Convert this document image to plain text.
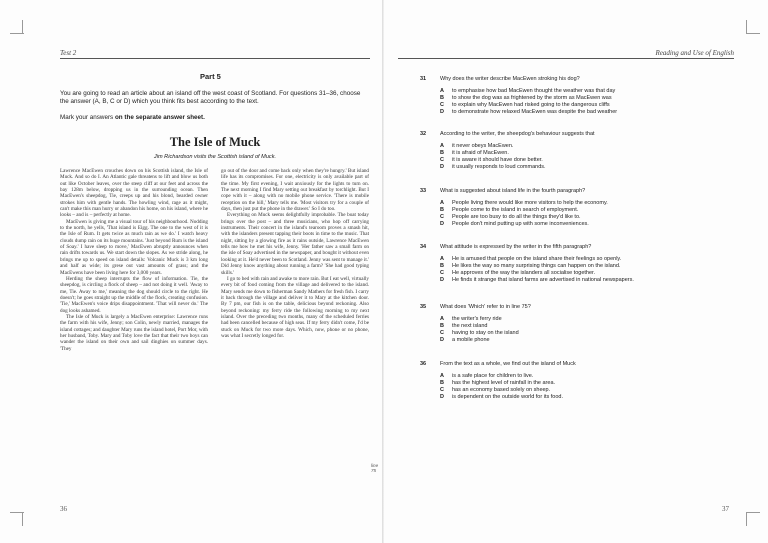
Test 2
Part 5
You are going to read an article about an island off the west coast of Scotland. For questions 31–36, choose the answer (A, B, C or D) which you think fits best according to the text.
Mark your answers on the separate answer sheet.
The Isle of Muck
Jim Richardson visits the Scottish island of Muck.

Lawrence MacEwen crouches down on his Scottish island, the Isle of Muck. And so do I. An Atlantic gale threatens to lift and blow us both out like October leaves, over the steep cliff at our feet and across the bay 128m below, dropping us in the surrounding ocean. Then MacEwen's sheepdog, Tie, creeps up and his blond, bearded owner strokes him with gentle hands. The howling wind, rage as it might, can't make this man hurry or abandon his home, on his island, where he looks – and is – perfectly at home.

MacEwen is giving me a visual tour of his neighbourhood. Nodding to the north, he yells, 'That island is Eigg. The one to the west of it is the Isle of Rum. It gets twice as much rain as we do.' I watch heavy clouds dump rain on its huge mountains. 'Just beyond Rum is the island of Soay.' I have sleep to move,' MacEwen abruptly announces when rain drifts towards us. We start down the slopes. As we stride along, he brings me up to speed on island details: Volcanic Muck is 3 km long and half as wide; its grese out vast amounts of grass; and the MacEwens have been living here for 3,000 years.

Herding the sheep interrupts the flow of information. Tie, the sheepdog, is circling a flock of sheep – and not doing it well. 'Away to me, Tie. Away to me,' meaning the dog should circle to the right. He doesn't; he goes straight up the middle of the flock, creating confusion. 'Tie,' MacEwen's voice drips disappointment. 'That will never do.' The dog looks ashamed.

The Isle of Muck is largely a MacEwen enterprise: Lawrence runs the farm with his wife, Jenny; son Colin, newly married, manages the island cottages; and daughter Mary runs the island hotel, Port Mor, with her husband, Toby. Mary and Toby love the fact that their two boys can wander the island on their own and sail dinghies on summer days. 'They

go out of the door and come back only when they're hungry.' But island life has its compromises. For one, electricity is only available part of the time. My first evening, I wait anxiously for the lights to turn on. The next morning I find Mary setting out breakfast by torchlight. But I cope with it – along with no mobile phone service. 'There is mobile reception on the hill,' Mary tells me. 'Most visitors try for a couple of days, then just put the phone in the drawer.' So I do too.

Everything on Muck seems delightfully improbable. The boat today brings over the post – and three musicians, who hop off carrying instruments. Their concert in the island's tearoom proves a smash hit, with the islanders present tapping their boots in time to the music. That night, sitting by a glowing fire as it rains outside, Lawrence MacEwen tells me how he met his wife, Jenny. 'Her father saw a small farm on the isle of Soay advertised in the newspaper, and bought it without even looking at it. He'd never been to Scotland. Jenny was sent to manage it.' Did Jenny know anything about running a farm? 'She had good typing skills.'

I go to bed with rain and awake to more rain. But I eat well, virtually every bit of food coming from the village and delivered to the island. Mary sends me down to fisherman Sandy Mathers for fresh fish. I carry it back through the village and deliver it to Mary at the kitchen door. By 7 pm, our fish is on the table, delicious beyond reckoning. Also beyond reckoning: my ferry ride the following morning to my next island. Over the preceding two months, many of the scheduled ferries had been cancelled because of high seas. If my ferry didn't come, I'd be stuck on Muck for two more days. Which, now, phone or no phone, was what I secretly longed for.

line 75
36
Reading and Use of English
37
31	Why does the writer describe MacEwen stroking his dog?
A to emphasise how bad MacEwen thought the weather was that day
B to show the dog was as frightened by the storm as MacEwen was
C to explain why MacEwen had risked going to the dangerous cliffs
D to demonstrate how relaxed MacEwen was despite the bad weather
32	According to the writer, the sheepdog's behaviour suggests that
A it never obeys MacEwen.
B it is afraid of MacEwen.
C it is aware it should have done better.
D it usually responds to loud commands.
33	What is suggested about island life in the fourth paragraph?
A People living there would like more visitors to help the economy.
B People come to the island in search of employment.
C People are too busy to do all the things they'd like to.
D People don't mind putting up with some inconveniences.
34	What attitude is expressed by the writer in the fifth paragraph?
A He is amused that people on the island share their feelings so openly.
B He likes the way so many surprising things can happen on the island.
C He approves of the way the islanders all socialise together.
D He finds it strange that island farms are advertised in national newspapers.
35	What does 'Which' refer to in line 75?
A the writer's ferry ride
B the next island
C having to stay on the island
D a mobile phone
36	From the text as a whole, we find out the island of Muck
A is a safe place for children to live.
B has the highest level of rainfall in the area.
C has an economy based solely on sheep.
D is dependent on the outside world for its food.
